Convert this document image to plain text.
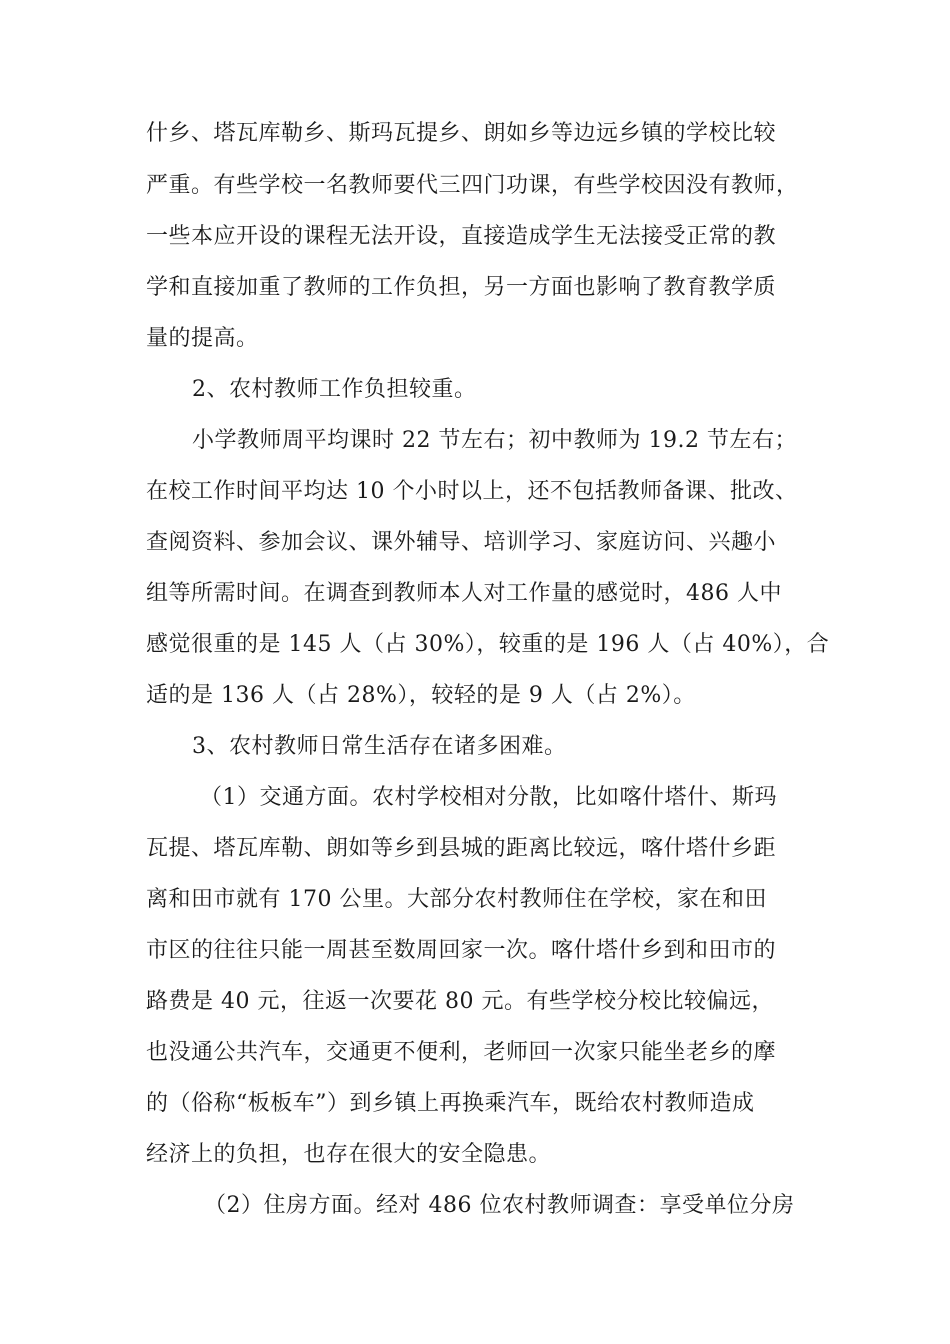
什乡、塔瓦库勒乡、斯玛瓦提乡、朗如乡等边远乡镇的学校比较
严重。有些学校一名教师要代三四门功课，有些学校因没有教师，
一些本应开设的课程无法开设，直接造成学生无法接受正常的教
学和直接加重了教师的工作负担，另一方面也影响了教育教学质
量的提高。
2、农村教师工作负担较重。
小学教师周平均课时 22 节左右；初中教师为 19.2 节左右；
在校工作时间平均达 10 个小时以上，还不包括教师备课、批改、
查阅资料、参加会议、课外辅导、培训学习、家庭访问、兴趣小
组等所需时间。在调查到教师本人对工作量的感觉时，486 人中
感觉很重的是 145 人（占 30%），较重的是 196 人（占 40%），合
适的是 136 人（占 28%），较轻的是 9 人（占 2%）。
3、农村教师日常生活存在诸多困难。
（1）交通方面。农村学校相对分散，比如喀什塔什、斯玛
瓦提、塔瓦库勒、朗如等乡到县城的距离比较远，喀什塔什乡距
离和田市就有 170 公里。大部分农村教师住在学校，家在和田
市区的往往只能一周甚至数周回家一次。喀什塔什乡到和田市的
路费是 40 元，往返一次要花 80 元。有些学校分校比较偏远，
也没通公共汽车，交通更不便利，老师回一次家只能坐老乡的摩
的（俗称“板板车”）到乡镇上再换乘汽车，既给农村教师造成
经济上的负担，也存在很大的安全隐患。
（2）住房方面。经对 486 位农村教师调查：享受单位分房
